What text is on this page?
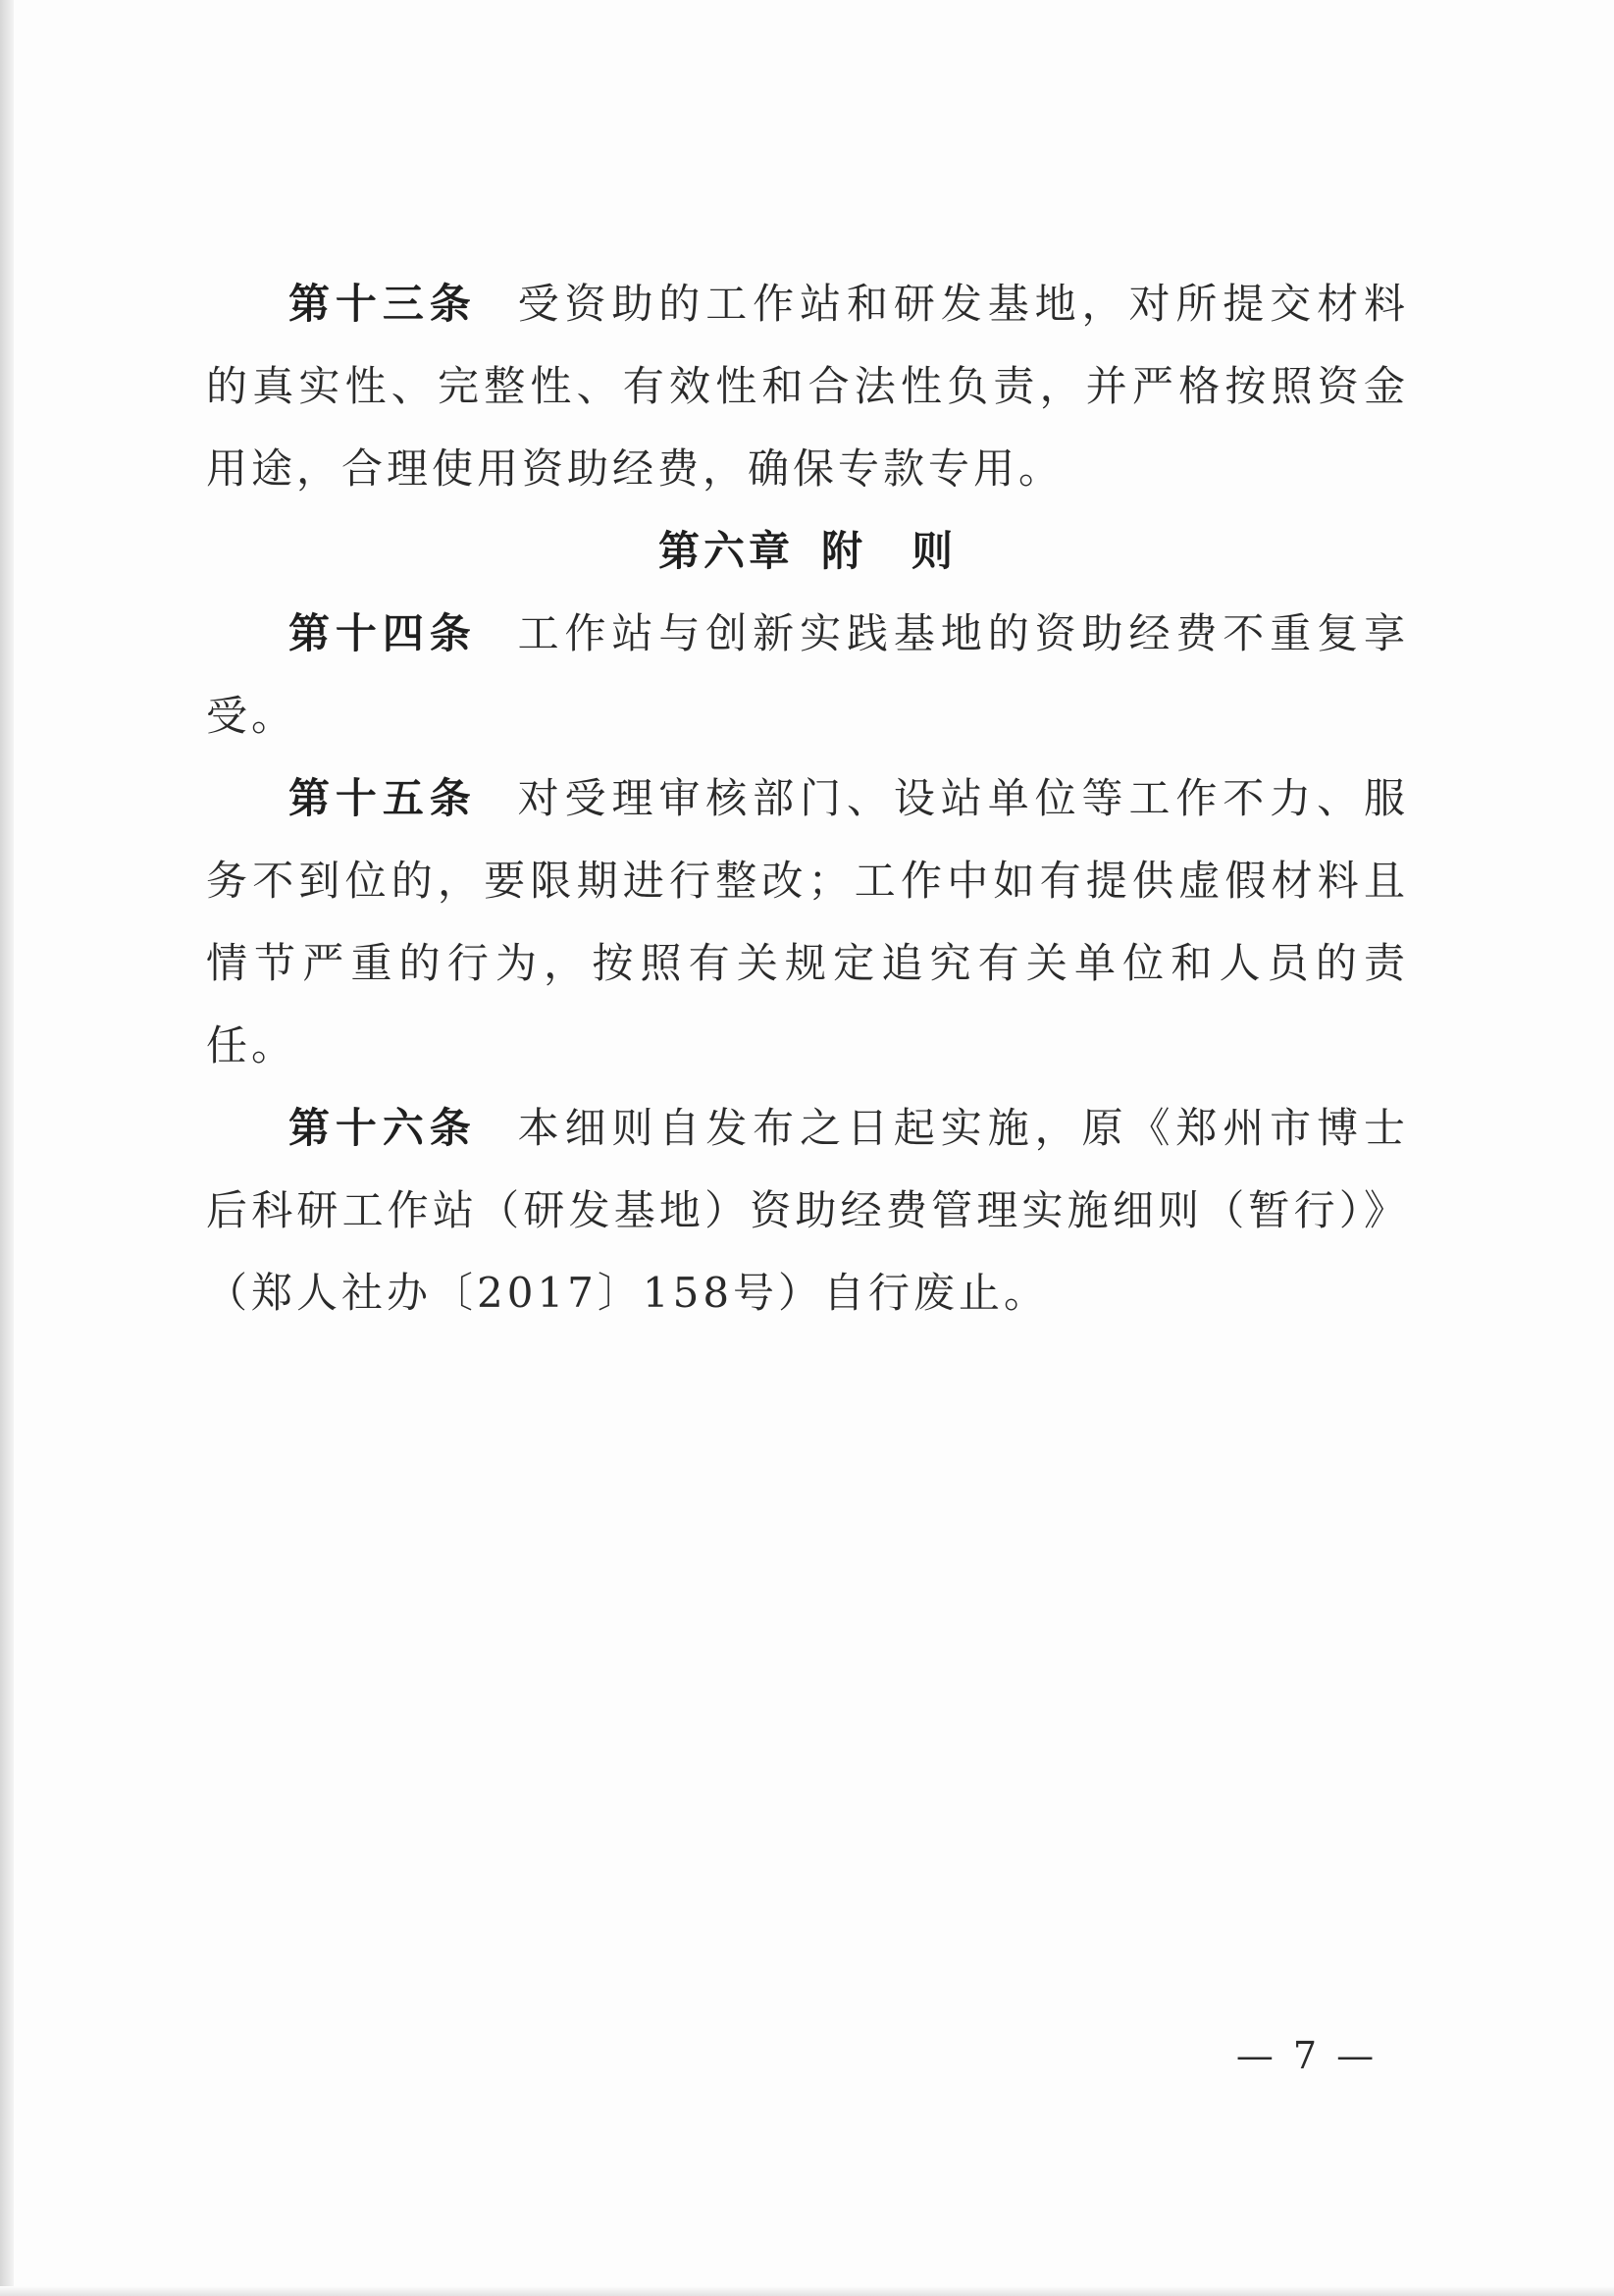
第十三条 受资助的工作站和研发基地，对所提交材料的真实性、完整性、有效性和合法性负责，并严格按照资金用途，合理使用资助经费，确保专款专用。

第六章 附　则

第十四条 工作站与创新实践基地的资助经费不重复享受。

第十五条 对受理审核部门、设站单位等工作不力、服务不到位的，要限期进行整改；工作中如有提供虚假材料且情节严重的行为，按照有关规定追究有关单位和人员的责任。

第十六条 本细则自发布之日起实施，原《郑州市博士后科研工作站（研发基地）资助经费管理实施细则（暂行）》（郑人社办〔2017〕158号）自行废止。

— 7 —
